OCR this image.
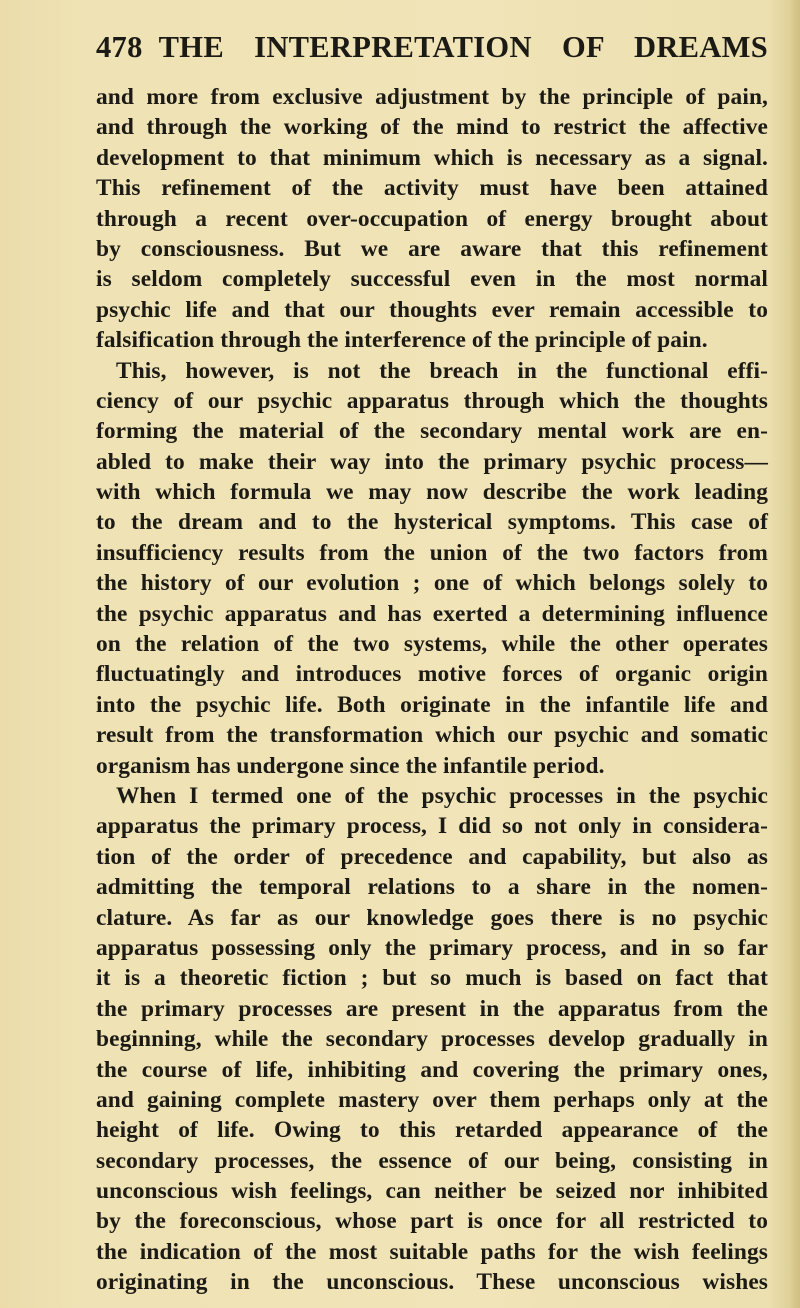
478 THE INTERPRETATION OF DREAMS
and more from exclusive adjustment by the principle of pain,
and through the working of the mind to restrict the affective
development to that minimum which is necessary as a signal.
This refinement of the activity must have been attained
through a recent over-occupation of energy brought about
by consciousness. But we are aware that this refinement
is seldom completely successful even in the most normal
psychic life and that our thoughts ever remain accessible to
falsification through the interference of the principle of pain.
This, however, is not the breach in the functional effi-
ciency of our psychic apparatus through which the thoughts
forming the material of the secondary mental work are en-
abled to make their way into the primary psychic process—
with which formula we may now describe the work leading
to the dream and to the hysterical symptoms. This case of
insufficiency results from the union of the two factors from
the history of our evolution ; one of which belongs solely to
the psychic apparatus and has exerted a determining influence
on the relation of the two systems, while the other operates
fluctuatingly and introduces motive forces of organic origin
into the psychic life. Both originate in the infantile life and
result from the transformation which our psychic and somatic
organism has undergone since the infantile period.
When I termed one of the psychic processes in the psychic
apparatus the primary process, I did so not only in considera-
tion of the order of precedence and capability, but also as
admitting the temporal relations to a share in the nomen-
clature. As far as our knowledge goes there is no psychic
apparatus possessing only the primary process, and in so far
it is a theoretic fiction ; but so much is based on fact that
the primary processes are present in the apparatus from the
beginning, while the secondary processes develop gradually in
the course of life, inhibiting and covering the primary ones,
and gaining complete mastery over them perhaps only at the
height of life. Owing to this retarded appearance of the
secondary processes, the essence of our being, consisting in
unconscious wish feelings, can neither be seized nor inhibited
by the foreconscious, whose part is once for all restricted to
the indication of the most suitable paths for the wish feelings
originating in the unconscious. These unconscious wishes
